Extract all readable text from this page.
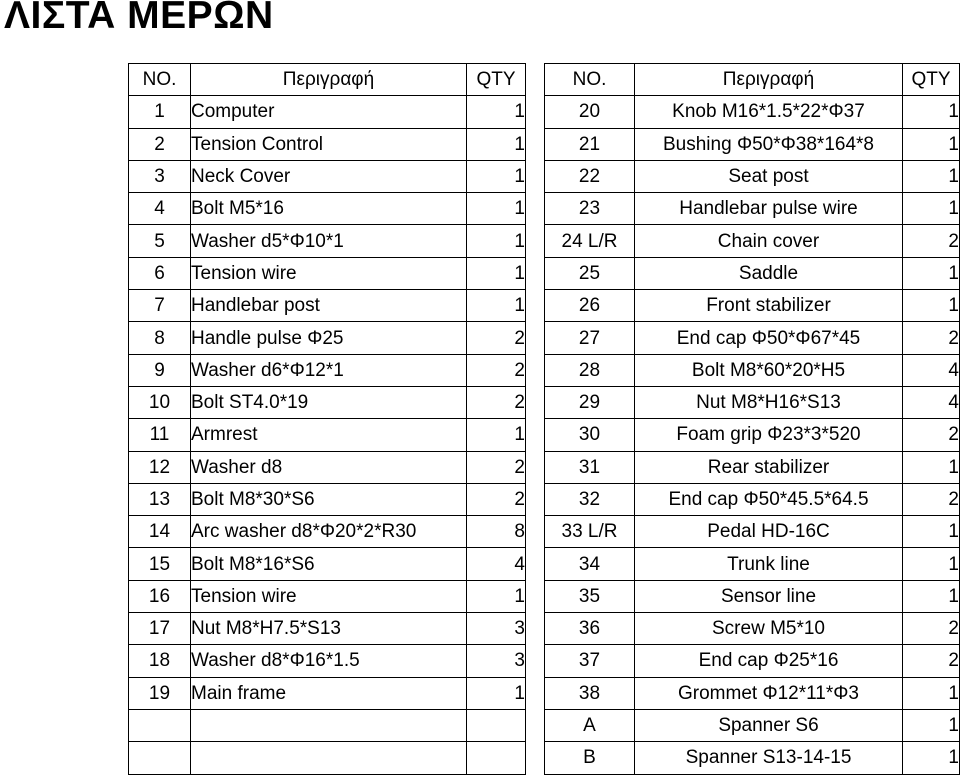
ΛΙΣΤΑ ΜΕΡΩΝ
NO.	Περιγραφή	QTY
1	Computer	1
2	Tension Control	1
3	Neck Cover	1
4	Bolt M5*16	1
5	Washer d5*Φ10*1	1
6	Tension wire	1
7	Handlebar post	1
8	Handle pulse Φ25	2
9	Washer d6*Φ12*1	2
10	Bolt ST4.0*19	2
11	Armrest	1
12	Washer d8	2
13	Bolt M8*30*S6	2
14	Arc washer d8*Φ20*2*R30	8
15	Bolt M8*16*S6	4
16	Tension wire	1
17	Nut M8*H7.5*S13	3
18	Washer d8*Φ16*1.5	3
19	Main frame	1

NO.	Περιγραφή	QTY
20	Knob M16*1.5*22*Φ37	1
21	Bushing Φ50*Φ38*164*8	1
22	Seat post	1
23	Handlebar pulse wire	1
24 L/R	Chain cover	2
25	Saddle	1
26	Front stabilizer	1
27	End cap Φ50*Φ67*45	2
28	Bolt M8*60*20*H5	4
29	Nut M8*H16*S13	4
30	Foam grip Φ23*3*520	2
31	Rear stabilizer	1
32	End cap Φ50*45.5*64.5	2
33 L/R	Pedal HD-16C	1
34	Trunk line	1
35	Sensor line	1
36	Screw M5*10	2
37	End cap Φ25*16	2
38	Grommet Φ12*11*Φ3	1
A	Spanner S6	1
B	Spanner S13-14-15	1
